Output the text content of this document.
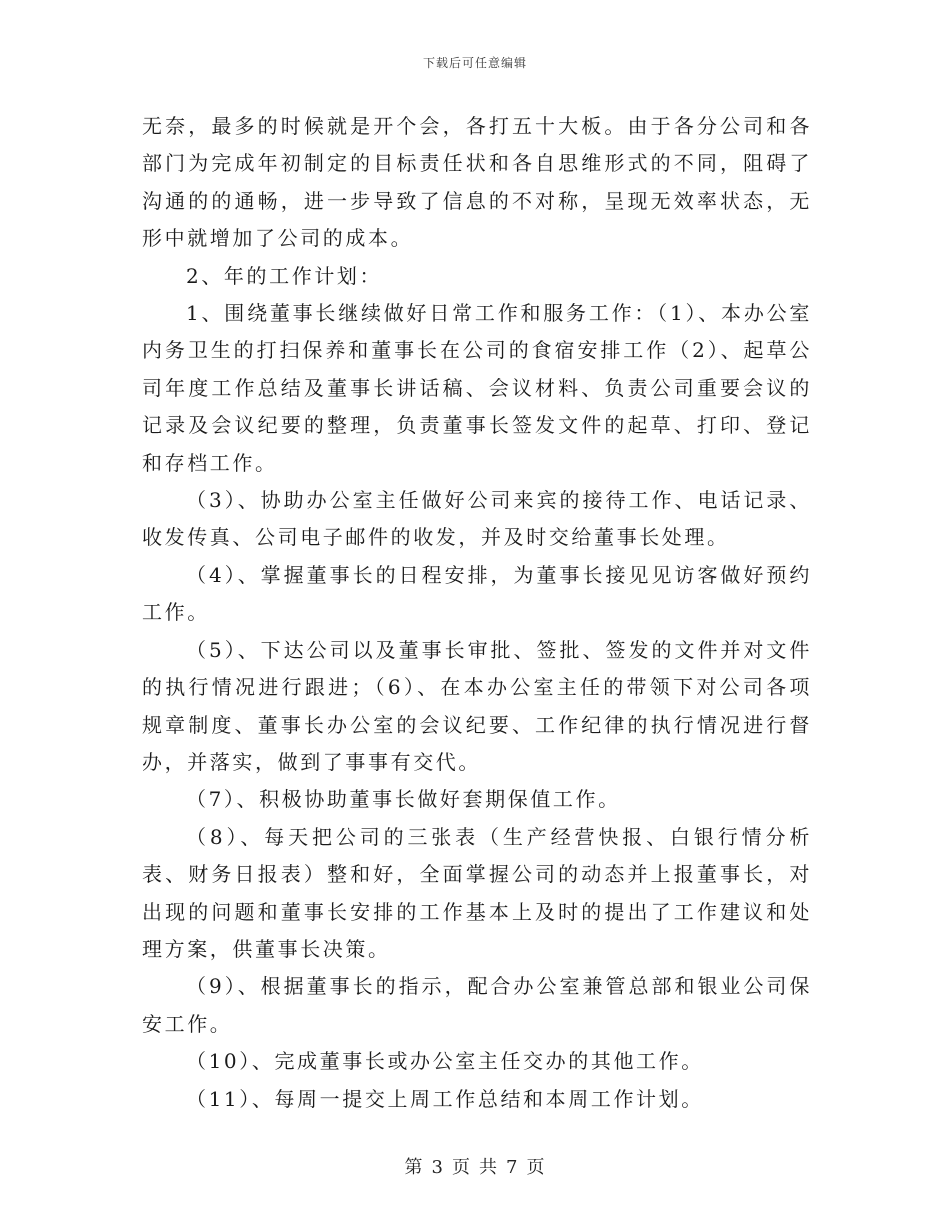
下载后可任意编辑

无奈，最多的时候就是开个会，各打五十大板。由于各分公司和各部门为完成年初制定的目标责任状和各自思维形式的不同，阻碍了沟通的的通畅，进一步导致了信息的不对称，呈现无效率状态，无形中就增加了公司的成本。

2、年的工作计划：

1、围绕董事长继续做好日常工作和服务工作：（1）、本办公室内务卫生的打扫保养和董事长在公司的食宿安排工作（2）、起草公司年度工作总结及董事长讲话稿、会议材料、负责公司重要会议的记录及会议纪要的整理，负责董事长签发文件的起草、打印、登记和存档工作。

（3）、协助办公室主任做好公司来宾的接待工作、电话记录、收发传真、公司电子邮件的收发，并及时交给董事长处理。

（4）、掌握董事长的日程安排，为董事长接见见访客做好预约工作。

（5）、下达公司以及董事长审批、签批、签发的文件并对文件的执行情况进行跟进；（6）、在本办公室主任的带领下对公司各项规章制度、董事长办公室的会议纪要、工作纪律的执行情况进行督办，并落实，做到了事事有交代。

（7）、积极协助董事长做好套期保值工作。

（8）、每天把公司的三张表（生产经营快报、白银行情分析表、财务日报表）整和好，全面掌握公司的动态并上报董事长，对出现的问题和董事长安排的工作基本上及时的提出了工作建议和处理方案，供董事长决策。

（9）、根据董事长的指示，配合办公室兼管总部和银业公司保安工作。

（10）、完成董事长或办公室主任交办的其他工作。

（11）、每周一提交上周工作总结和本周工作计划。

第 3 页 共 7 页
